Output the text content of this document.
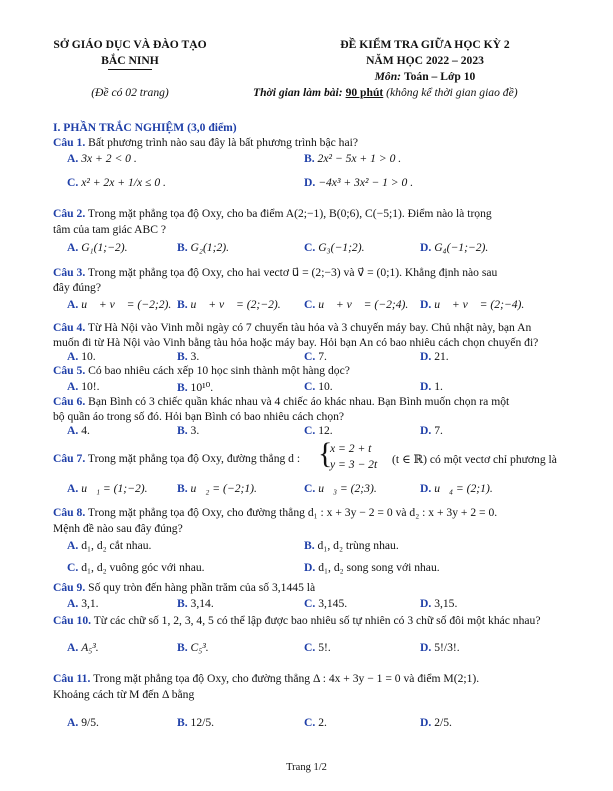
SỞ GIÁO DỤC VÀ ĐÀO TẠO
BẮC NINH
(Đề có 02 trang)
ĐỀ KIỂM TRA GIỮA HỌC KỲ 2
NĂM HỌC 2022 – 2023
Môn: Toán – Lớp 10
Thời gian làm bài: 90 phút (không kể thời gian giao đề)
I. PHẦN TRẮC NGHIỆM (3,0 điểm)
Câu 1. Bất phương trình nào sau đây là bất phương trình bậc hai?
A. 3x + 2 < 0 .	B. 2x² − 5x + 1 > 0 .
C. x² + 2x + 1/x ≤ 0 .	D. −4x³ + 3x² − 1 > 0 .
Câu 2. Trong mặt phẳng tọa độ Oxy, cho ba điểm A(2;−1), B(0;6), C(−5;1). Điểm nào là trọng
tâm của tam giác ABC ?
A. G₁(1;−2).	B. G₂(1;2).	C. G₃(−1;2).	D. G₄(−1;−2).
Câu 3. Trong mặt phẳng tọa độ Oxy, cho hai vectơ u⃗ = (2;−3) và v⃗ = (0;1). Khẳng định nào sau
đây đúng?
A. u⃗ + v⃗ = (−2;2). B. u⃗ + v⃗ = (2;−2). C. u⃗ + v⃗ = (−2;4). D. u⃗ + v⃗ = (2;−4).
Câu 4. Từ Hà Nội vào Vinh mỗi ngày có 7 chuyến tàu hỏa và 3 chuyến máy bay. Chủ nhật này, bạn An
muốn đi từ Hà Nội vào Vinh bằng tàu hỏa hoặc máy bay. Hỏi bạn An có bao nhiêu cách chọn chuyến đi?
A. 10.	B. 3.	C. 7.	D. 21.
Câu 5. Có bao nhiêu cách xếp 10 học sinh thành một hàng dọc?
A. 10!.	B. 10¹⁰.	C. 10.	D. 1.
Câu 6. Bạn Bình có 3 chiếc quần khác nhau và 4 chiếc áo khác nhau. Bạn Bình muốn chọn ra một
bộ quần áo trong số đó. Hỏi bạn Bình có bao nhiêu cách chọn?
A. 4.	B. 3.	C. 12.	D. 7.
Câu 7. Trong mặt phẳng tọa độ Oxy, đường thẳng d : {
x = 2 + t
y = 3 − 2t (t ∈ ℝ) có một vectơ chỉ phương là
A. u⃗₁ = (1;−2).	B. u⃗₂ = (−2;1).	C. u⃗₃ = (2;3).	D. u⃗₄ = (2;1).
Câu 8. Trong mặt phẳng tọa độ Oxy, cho đường thẳng d₁ : x + 3y − 2 = 0 và d₂ : x + 3y + 2 = 0.
Mệnh đề nào sau đây đúng?
A. d₁, d₂ cắt nhau.	B. d₁, d₂ trùng nhau.
C. d₁, d₂ vuông góc với nhau.	D. d₁, d₂ song song với nhau.
Câu 9. Số quy tròn đến hàng phần trăm của số 3,1445 là
A. 3,1.	B. 3,14.	C. 3,145.	D. 3,15.
Câu 10. Từ các chữ số 1, 2, 3, 4, 5 có thể lập được bao nhiêu số tự nhiên có 3 chữ số đôi một khác nhau?
A. A₅³.	B. C₅³.	C. 5!.	D. 5!/3!.
Câu 11. Trong mặt phẳng tọa độ Oxy, cho đường thẳng Δ : 4x + 3y − 1 = 0 và điểm M(2;1).
Khoảng cách từ M đến Δ bằng
A. 9/5.	B. 12/5.	C. 2.	D. 2/5.
Trang 1/2
